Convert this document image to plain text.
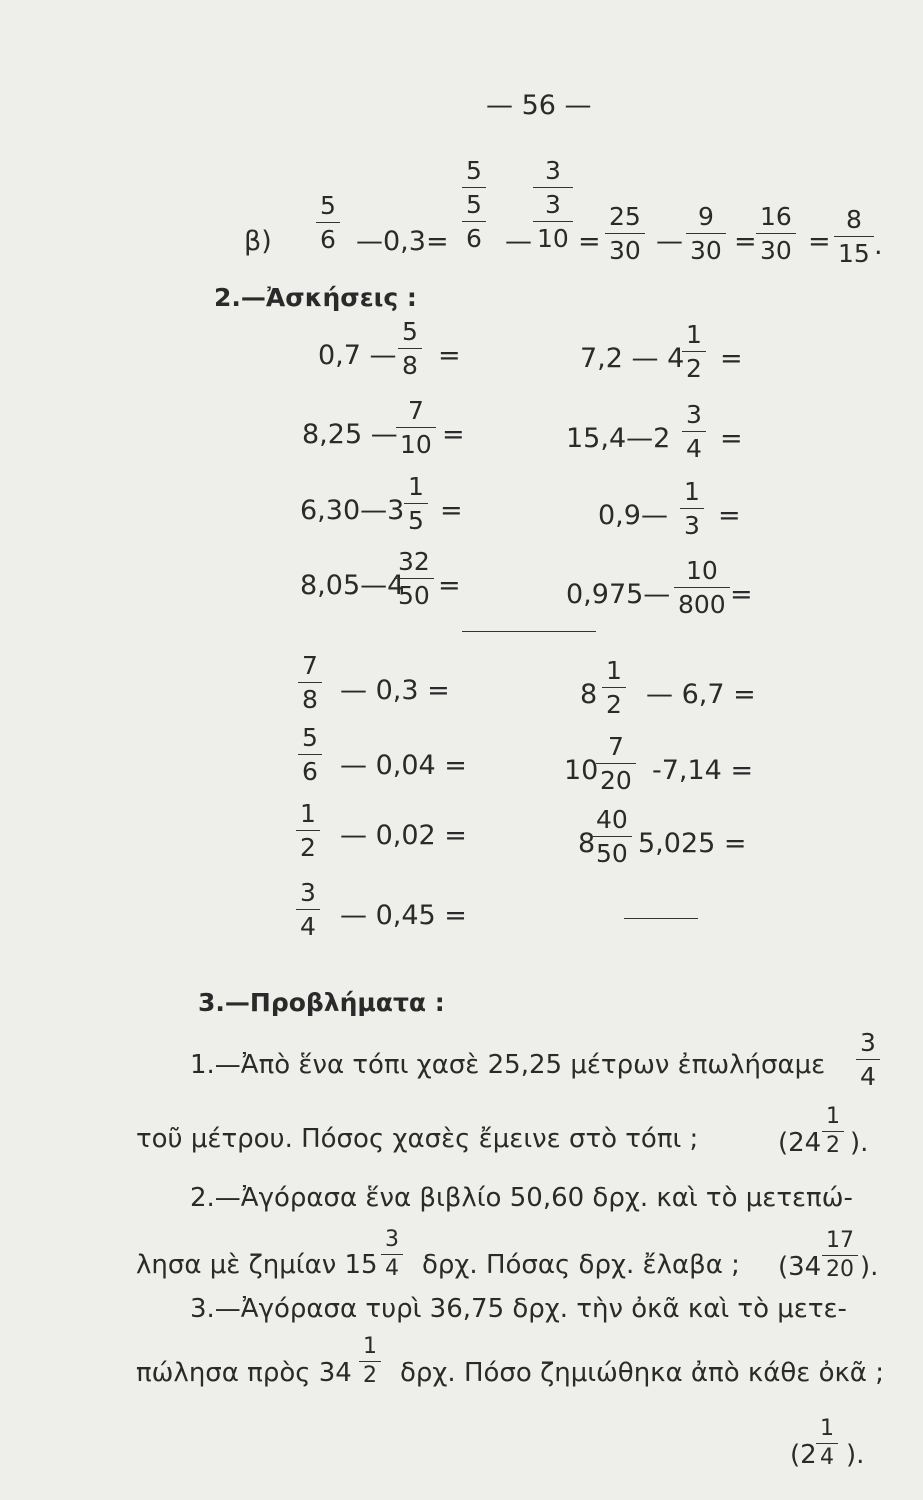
— 56 —
β)
5
6 —0,3=
5
5
6 —
3
3
10 =
25
30 —
9
30 =
16
30 =
8
15 .
2.—Ἀσκήσεις :
0,7 —
5
8 =
8,25 —
7
10 =
6,30—3
1
5 =
8,05—4
32
50 =
7,2 — 4
1
2 =
15,4—2
3
4 =
0,9—
1
3 =
0,975—
10
800 =
7
8 — 0,3 =
5
6 — 0,04 =
1
2 — 0,02 =
3
4 — 0,45 =
8
1
2 — 6,7 =
10
7
20 -7,14 =
8
40
50 5,025 =
3.—Προβλήματα :
1.—Ἀπὸ ἕνα τόπι χασὲ 25,25 μέτρων ἐπωλήσαμε
3
4
τοῦ μέτρου. Πόσος χασὲς ἔμεινε στὸ τόπι ;	(24
1
2 ).
2.—Ἀγόρασα ἕνα βιβλίο 50,60 δρχ. καὶ τὸ μετεπώ-
λησα μὲ ζημίαν 15
3
4 δρχ. Πόσας δρχ. ἔλαβα ; (34
17
20 ).
3.—Ἀγόρασα τυρὶ 36,75 δρχ. τὴν ὀκᾶ καὶ τὸ μετε-
πώλησα πρὸς 34
1
2 δρχ. Πόσο ζημιώθηκα ἀπὸ κάθε ὀκᾶ ;
(2
1
4 ).
